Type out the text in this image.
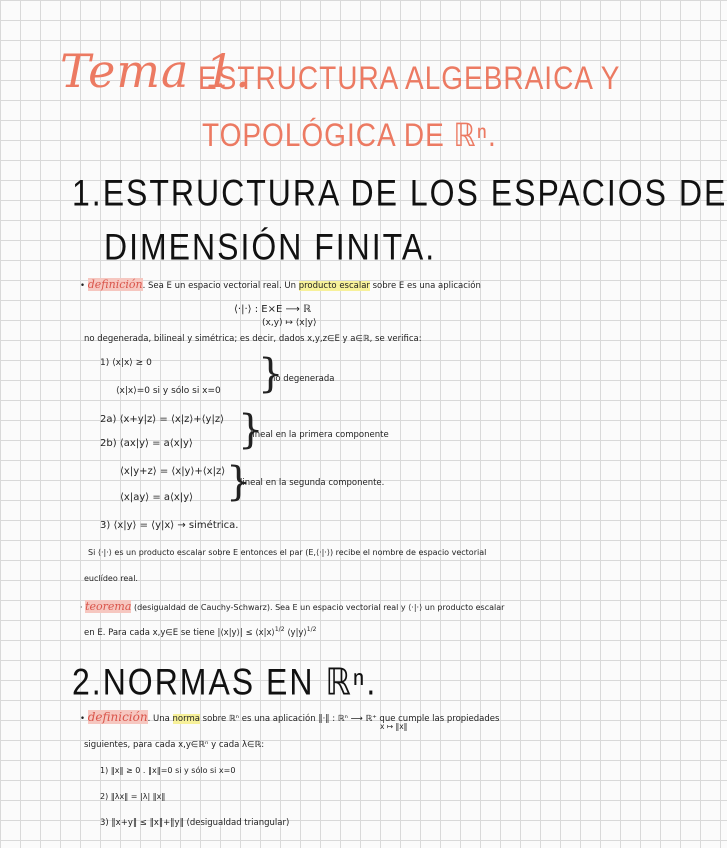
Tema 1.
ESTRUCTURA ALGEBRAICA Y
TOPOLÓGICA DE ℝⁿ.
1.ESTRUCTURA DE LOS ESPACIOS DE
DIMENSIÓN FINITA.
• definición. Sea E un espacio vectorial real. Un producto escalar sobre E es una aplicación
⟨·|·⟩ : E×E ⟶ ℝ
(x,y) ↦ ⟨x|y⟩
no degenerada, bilineal y simétrica; es decir, dados x,y,z∈E y a∈ℝ, se verifica:
1) ⟨x|x⟩ ≥ 0
⟨x|x⟩=0 si y sólo si x=0 }
no degenerada
2a) ⟨x+y|z⟩ = ⟨x|z⟩+⟨y|z⟩
2b) ⟨ax|y⟩ = a⟨x|y⟩ }
lineal en la primera componente
⟨x|y+z⟩ = ⟨x|y⟩+⟨x|z⟩
⟨x|ay⟩ = a⟨x|y⟩ }
lineal en la segunda componente.
3) ⟨x|y⟩ = ⟨y|x⟩ → simétrica.
Si ⟨·|·⟩ es un producto escalar sobre E entonces el par (E,⟨·|·⟩) recibe el nombre de espacio vectorial
euclídeo real.
· teorema (desigualdad de Cauchy-Schwarz). Sea E un espacio vectorial real y ⟨·|·⟩ un producto escalar
en E. Para cada x,y∈E se tiene |⟨x|y⟩| ≤ ⟨x|x⟩$^{1/2}$ ⟨y|y⟩$^{1/2}$
2.NORMAS EN ℝⁿ.
• definición. Una norma sobre ℝⁿ es una aplicación ‖·‖ : ℝⁿ ⟶ ℝ⁺ que cumple las propiedades
x ↦ ‖x‖
siguientes, para cada x,y∈ℝⁿ y cada λ∈ℝ:
1) ‖x‖ ≥ 0 . ‖x‖=0 si y sólo si x=0
2) ‖λx‖ = |λ| ‖x‖
3) ‖x+y‖ ≤ ‖x‖+‖y‖ (desigualdad triangular)
